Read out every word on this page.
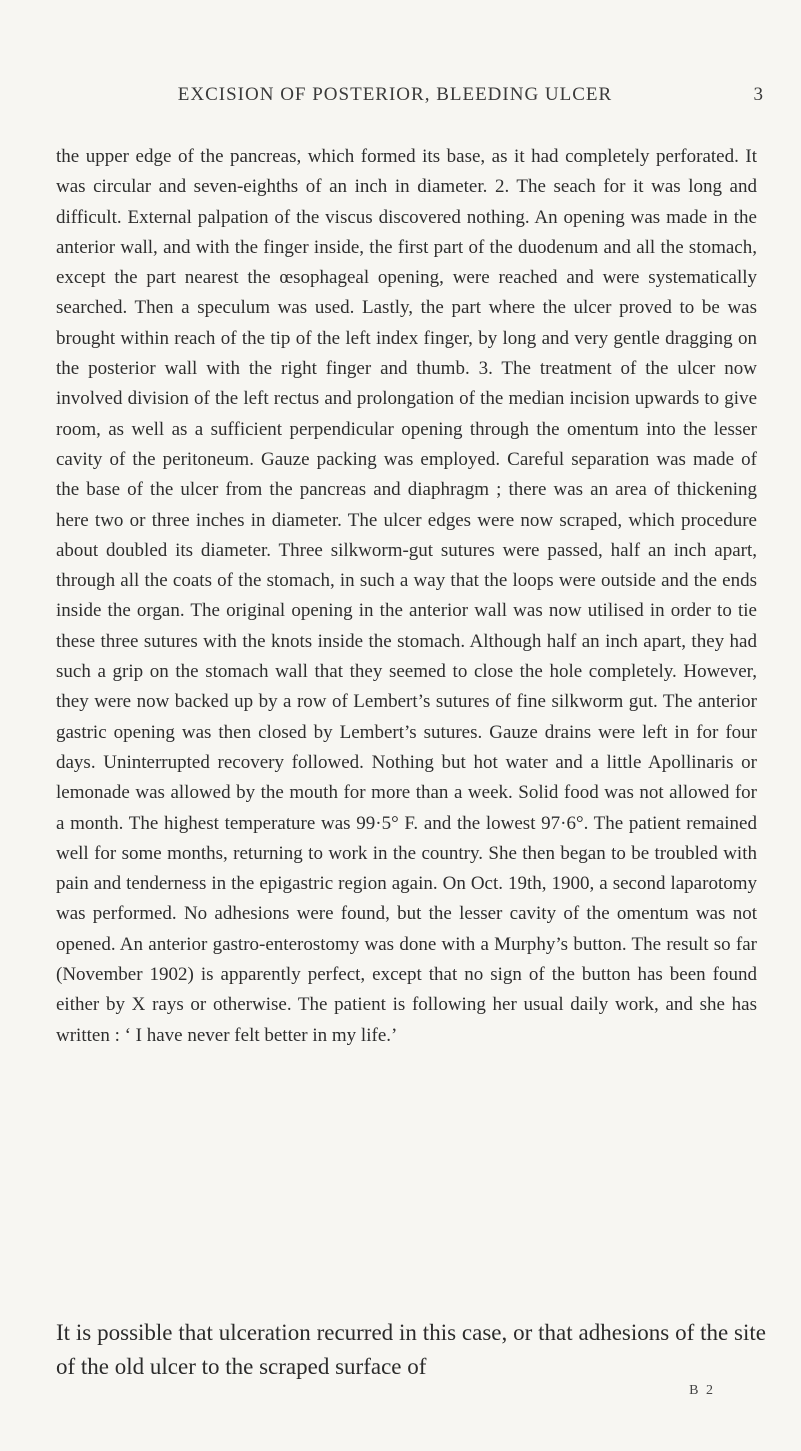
EXCISION OF POSTERIOR, BLEEDING ULCER	3

the upper edge of the pancreas, which formed its base, as it had completely perforated. It was circular and seven-eighths of an inch in diameter. 2. The seach for it was long and difficult. External palpation of the viscus discovered nothing. An opening was made in the anterior wall, and with the finger inside, the first part of the duodenum and all the stomach, except the part nearest the œsophageal opening, were reached and were systematically searched. Then a speculum was used. Lastly, the part where the ulcer proved to be was brought within reach of the tip of the left index finger, by long and very gentle dragging on the posterior wall with the right finger and thumb. 3. The treatment of the ulcer now involved division of the left rectus and prolongation of the median incision upwards to give room, as well as a sufficient perpendicular opening through the omentum into the lesser cavity of the peritoneum. Gauze packing was employed. Careful separation was made of the base of the ulcer from the pancreas and diaphragm ; there was an area of thickening here two or three inches in diameter. The ulcer edges were now scraped, which procedure about doubled its diameter. Three silkworm-gut sutures were passed, half an inch apart, through all the coats of the stomach, in such a way that the loops were outside and the ends inside the organ. The original opening in the anterior wall was now utilised in order to tie these three sutures with the knots inside the stomach. Although half an inch apart, they had such a grip on the stomach wall that they seemed to close the hole completely. However, they were now backed up by a row of Lembert’s sutures of fine silkworm gut. The anterior gastric opening was then closed by Lembert’s sutures. Gauze drains were left in for four days. Uninterrupted recovery followed. Nothing but hot water and a little Apollinaris or lemonade was allowed by the mouth for more than a week. Solid food was not allowed for a month. The highest temperature was 99·5° F. and the lowest 97·6°. The patient remained well for some months, returning to work in the country. She then began to be troubled with pain and tenderness in the epigastric region again. On Oct. 19th, 1900, a second laparotomy was performed. No adhesions were found, but the lesser cavity of the omentum was not opened. An anterior gastro-enterostomy was done with a Murphy’s button. The result so far (November 1902) is apparently perfect, except that no sign of the button has been found either by X rays or otherwise. The patient is following her usual daily work, and she has written : ‘ I have never felt better in my life.’

It is possible that ulceration recurred in this case, or that adhesions of the site of the old ulcer to the scraped surface of

B 2
